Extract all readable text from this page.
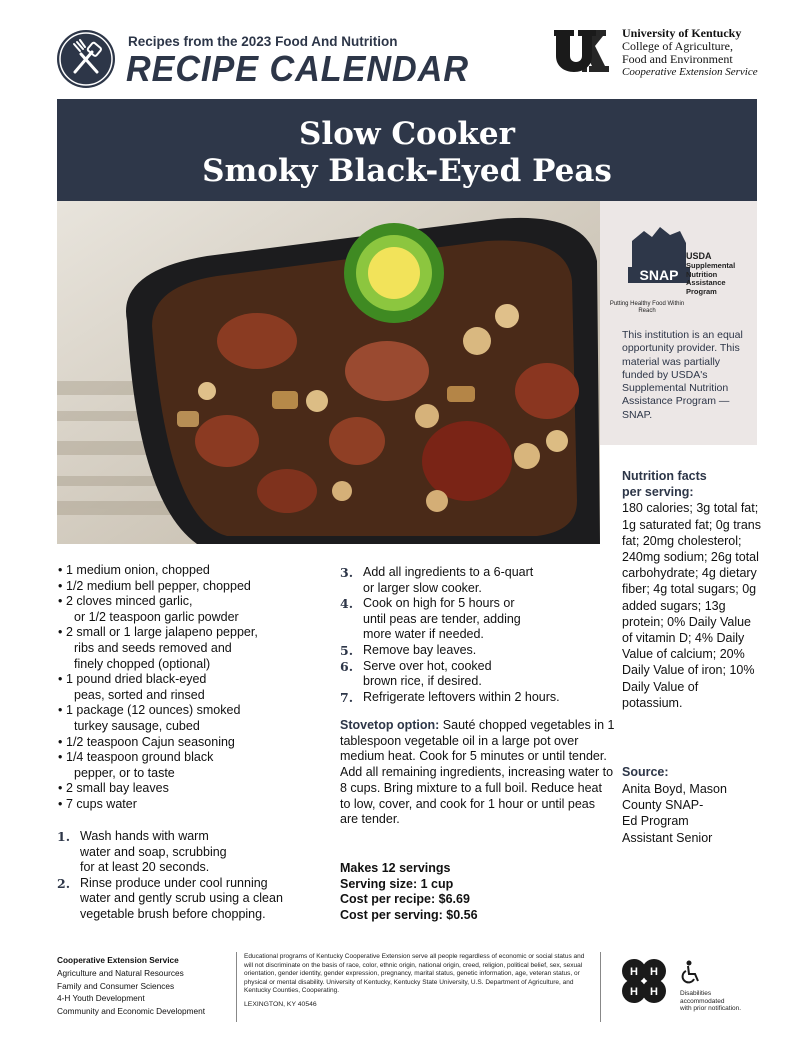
Recipes from the 2023 Food And Nutrition
RECIPE CALENDAR
University of Kentucky
College of Agriculture,
Food and Environment
Cooperative Extension Service
Slow Cooker
Smoky Black-Eyed Peas
SNAP
USDA
Supplemental
Nutrition
Assistance
Program
Putting Healthy Food Within Reach
This institution is an equal opportunity provider. This material was partially funded by USDA's Supplemental Nutrition Assistance Program — SNAP.
Nutrition facts
per serving:
180 calories; 3g total fat; 1g saturated fat; 0g trans fat; 20mg cholesterol; 240mg sodium; 26g total carbohydrate; 4g dietary fiber; 4g total sugars; 0g added sugars; 13g protein; 0% Daily Value of vitamin D; 4% Daily Value of calcium; 20% Daily Value of iron; 10% Daily Value of potassium.
Source:
Anita Boyd, Mason
County SNAP-
Ed Program
Assistant Senior
• 1 medium onion, chopped
• 1/2 medium bell pepper, chopped
• 2 cloves minced garlic,
or 1/2 teaspoon garlic powder
• 2 small or 1 large jalapeno pepper,
ribs and seeds removed and
finely chopped (optional)
• 1 pound dried black-eyed
peas, sorted and rinsed
• 1 package (12 ounces) smoked
turkey sausage, cubed
• 1/2 teaspoon Cajun seasoning
• 1/4 teaspoon ground black
pepper, or to taste
• 2 small bay leaves
• 7 cups water
1. Wash hands with warm
water and soap, scrubbing
for at least 20 seconds.
2. Rinse produce under cool running
water and gently scrub using a clean
vegetable brush before chopping.
3. Add all ingredients to a 6-quart
or larger slow cooker.
4. Cook on high for 5 hours or
until peas are tender, adding
more water if needed.
5. Remove bay leaves.
6. Serve over hot, cooked
brown rice, if desired.
7. Refrigerate leftovers within 2 hours.
Stovetop option: Sauté chopped vegetables in 1 tablespoon vegetable oil in a large pot over medium heat. Cook for 5 minutes or until tender. Add all remaining ingredients, increasing water to 8 cups. Bring mixture to a full boil. Reduce heat to low, cover, and cook for 1 hour or until peas are tender.
Makes 12 servings
Serving size: 1 cup
Cost per recipe: $6.69
Cost per serving: $0.56
Cooperative Extension Service
Agriculture and Natural Resources
Family and Consumer Sciences
4-H Youth Development
Community and Economic Development
Educational programs of Kentucky Cooperative Extension serve all people regardless of economic or social status and will not discriminate on the basis of race, color, ethnic origin, national origin, creed, religion, political belief, sex, sexual orientation, gender identity, gender expression, pregnancy, marital status, genetic information, age, veteran status, or physical or mental disability. University of Kentucky, Kentucky State University, U.S. Department of Agriculture, and Kentucky Counties, Cooperating.
LEXINGTON, KY 40546
H H
H H	Disabilities
accommodated
with prior notification.
